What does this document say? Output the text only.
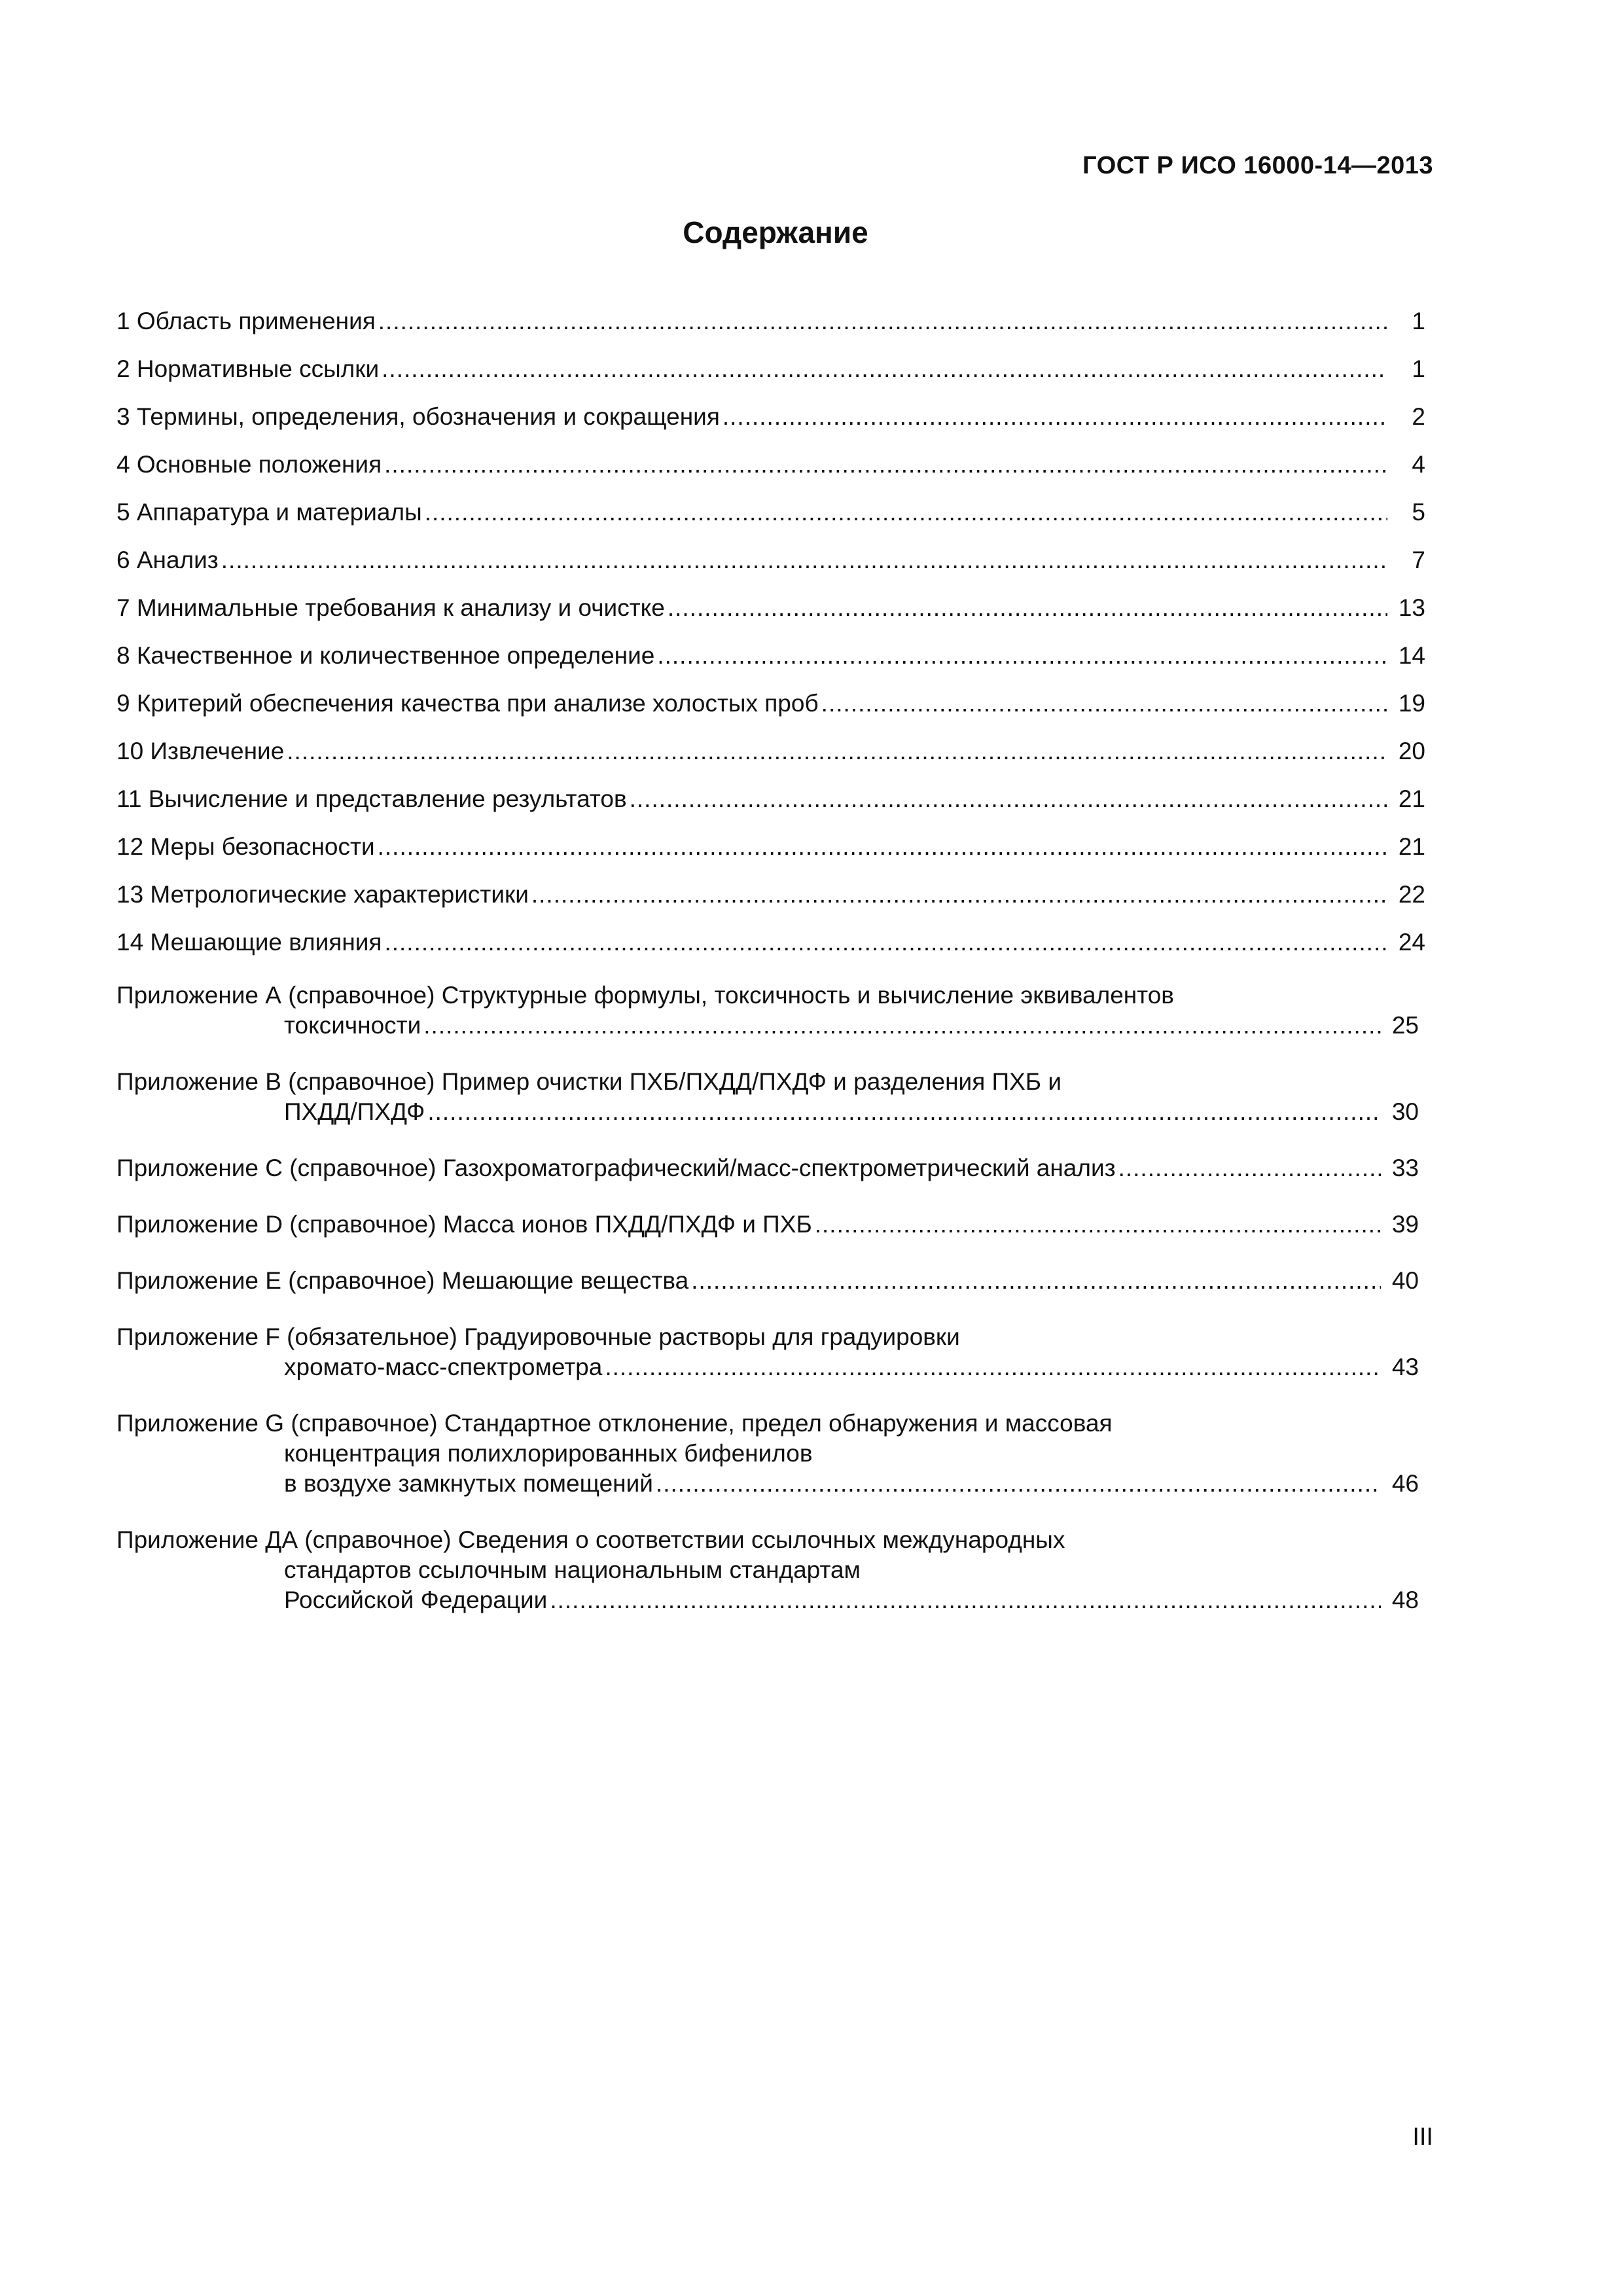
ГОСТ Р ИСО 16000-14—2013
Содержание
1 Область применения .....	1
2 Нормативные ссылки .....	1
3 Термины, определения, обозначения и сокращения .....	2
4 Основные положения .....	4
5 Аппаратура и материалы .....	5
6 Анализ .....	7
7 Минимальные требования к анализу и очистке .....	13
8 Качественное и количественное определение .....	14
9 Критерий обеспечения качества при анализе холостых проб .....	19
10 Извлечение .....	20
11 Вычисление и представление результатов .....	21
12 Меры безопасности .....	21
13 Метрологические характеристики .....	22
14 Мешающие влияния .....	24
Приложение А (справочное) Структурные формулы, токсичность и вычисление эквивалентов
токсичности .....	25
Приложение B (справочное) Пример очистки ПХБ/ПХДД/ПХДФ и разделения ПХБ и
ПХДД/ПХДФ .....	30
Приложение C (справочное) Газохроматографический/масс-спектрометрический анализ .....	33
Приложение D (справочное) Масса ионов ПХДД/ПХДФ и ПХБ .....	39
Приложение Е (справочное) Мешающие вещества .....	40
Приложение F (обязательное) Градуировочные растворы для градуировки
хромато-масс-спектрометра .....	43
Приложение G (справочное) Стандартное отклонение, предел обнаружения и массовая
концентрация полихлорированных бифенилов
в воздухе замкнутых помещений .....	46
Приложение ДА (справочное) Сведения о соответствии ссылочных международных
стандартов ссылочным национальным стандартам
Российской Федерации .....	48
III
